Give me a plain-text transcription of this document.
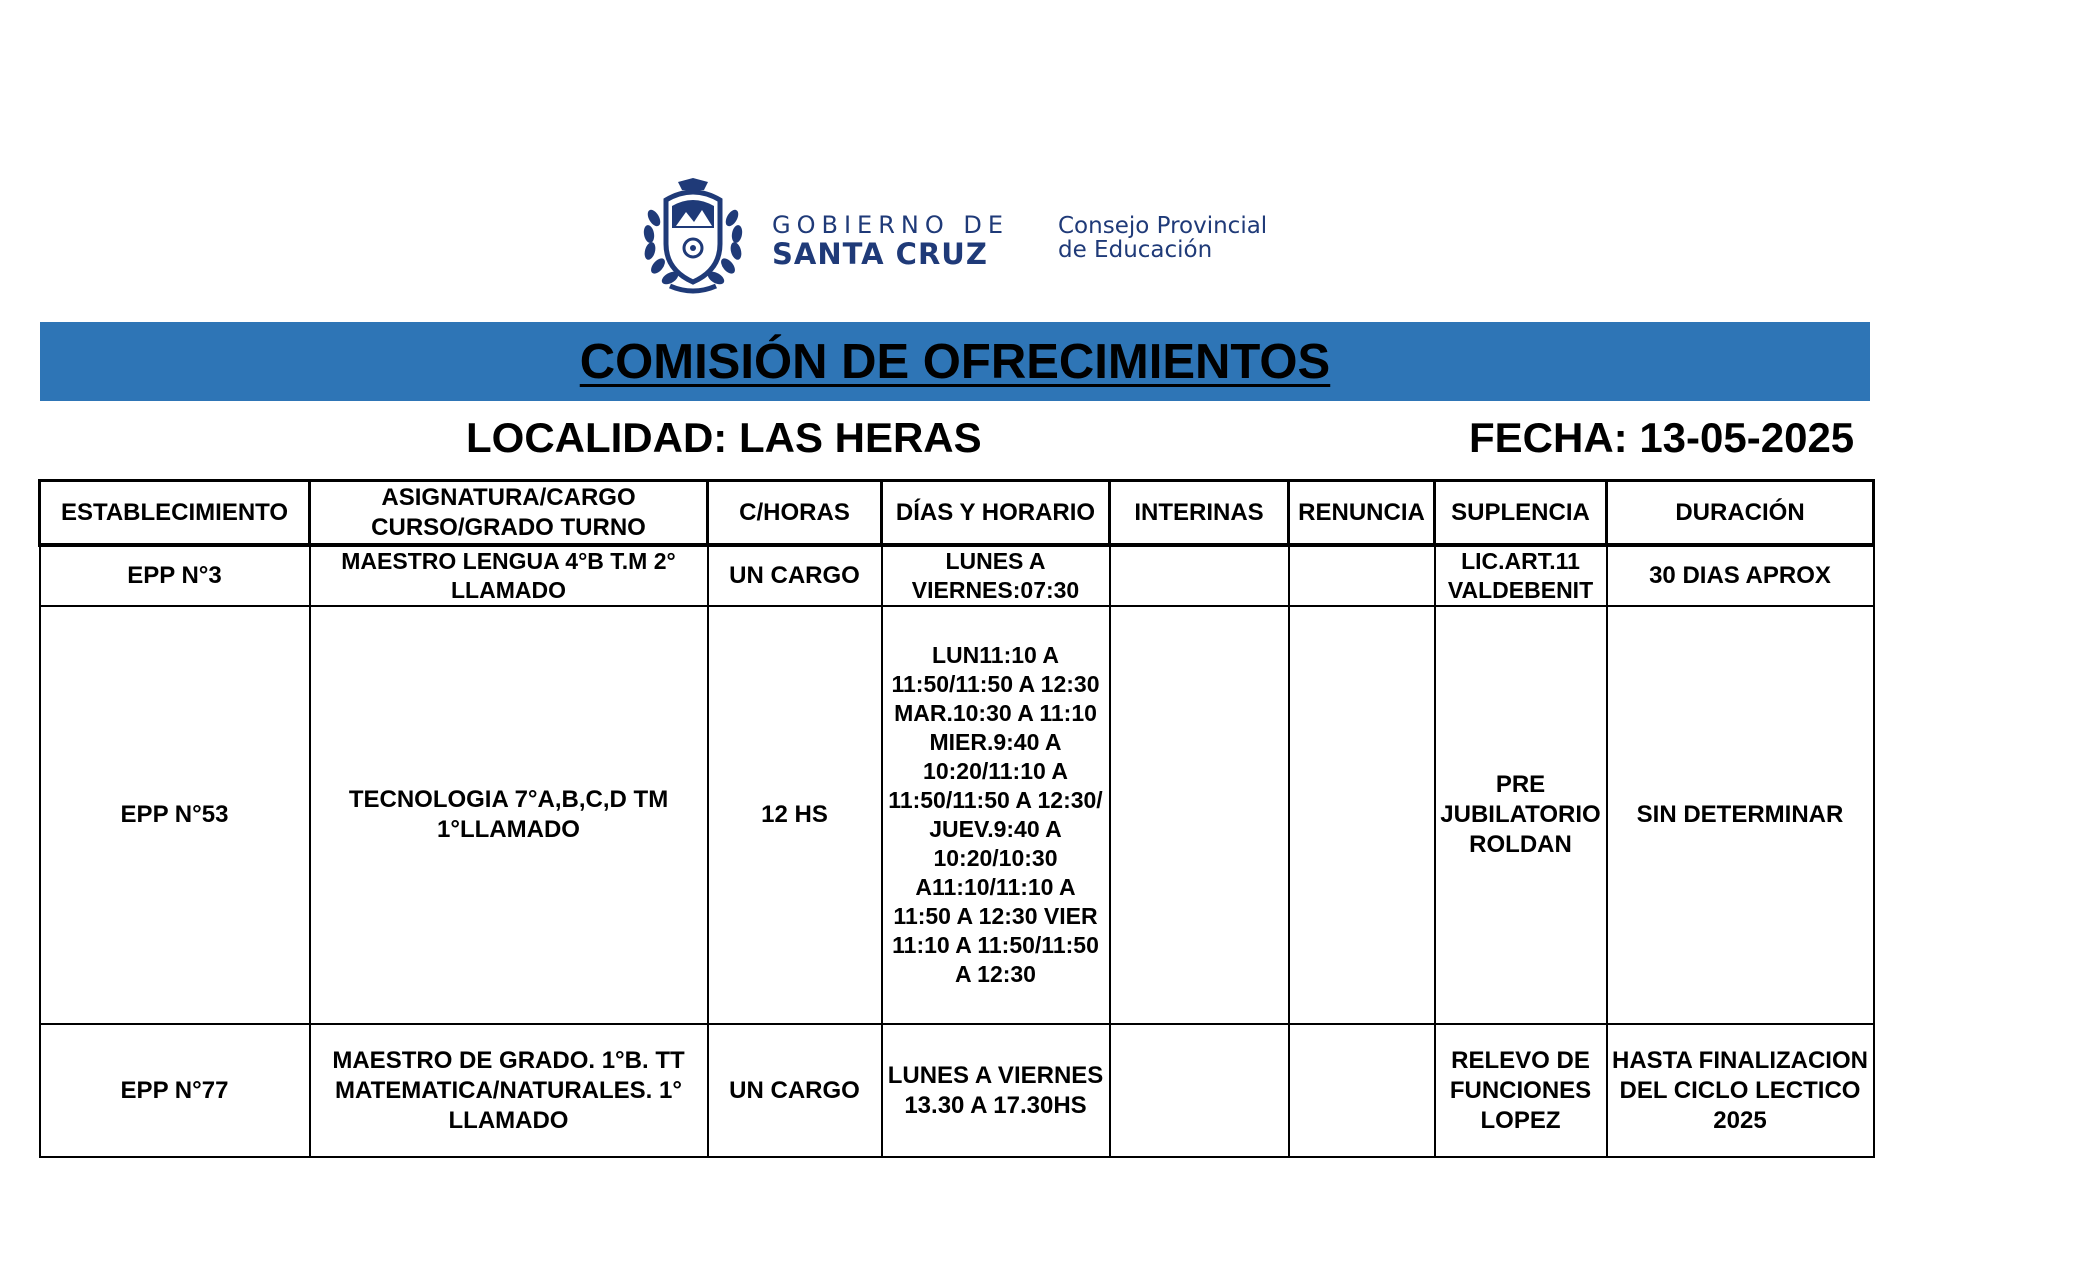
GOBIERNO DE
SANTA CRUZ
Consejo Provincial
de Educación
COMISIÓN DE OFRECIMIENTOS
LOCALIDAD: LAS HERAS	FECHA: 13-05-2025
ESTABLECIMIENTO	ASIGNATURA/CARGO CURSO/GRADO TURNO	C/HORAS	DÍAS Y HORARIO	INTERINAS	RENUNCIA	SUPLENCIA	DURACIÓN
EPP N°3	MAESTRO LENGUA 4°B T.M 2° LLAMADO	UN CARGO	LUNES A VIERNES:07:30			LIC.ART.11 VALDEBENIT	30 DIAS APROX
EPP N°53	TECNOLOGIA 7°A,B,C,D TM 1°LLAMADO	12 HS	LUN11:10 A 11:50/11:50 A 12:30 MAR.10:30 A 11:10 MIER.9:40 A 10:20/11:10 A 11:50/11:50 A 12:30/ JUEV.9:40 A 10:20/10:30 A11:10/11:10 A 11:50 A 12:30 VIER 11:10 A 11:50/11:50 A 12:30			PRE JUBILATORIO ROLDAN	SIN DETERMINAR
EPP N°77	MAESTRO DE GRADO. 1°B. TT MATEMATICA/NATURALES. 1° LLAMADO	UN CARGO	LUNES A VIERNES 13.30 A 17.30HS			RELEVO DE FUNCIONES LOPEZ	HASTA FINALIZACION DEL CICLO LECTICO 2025
